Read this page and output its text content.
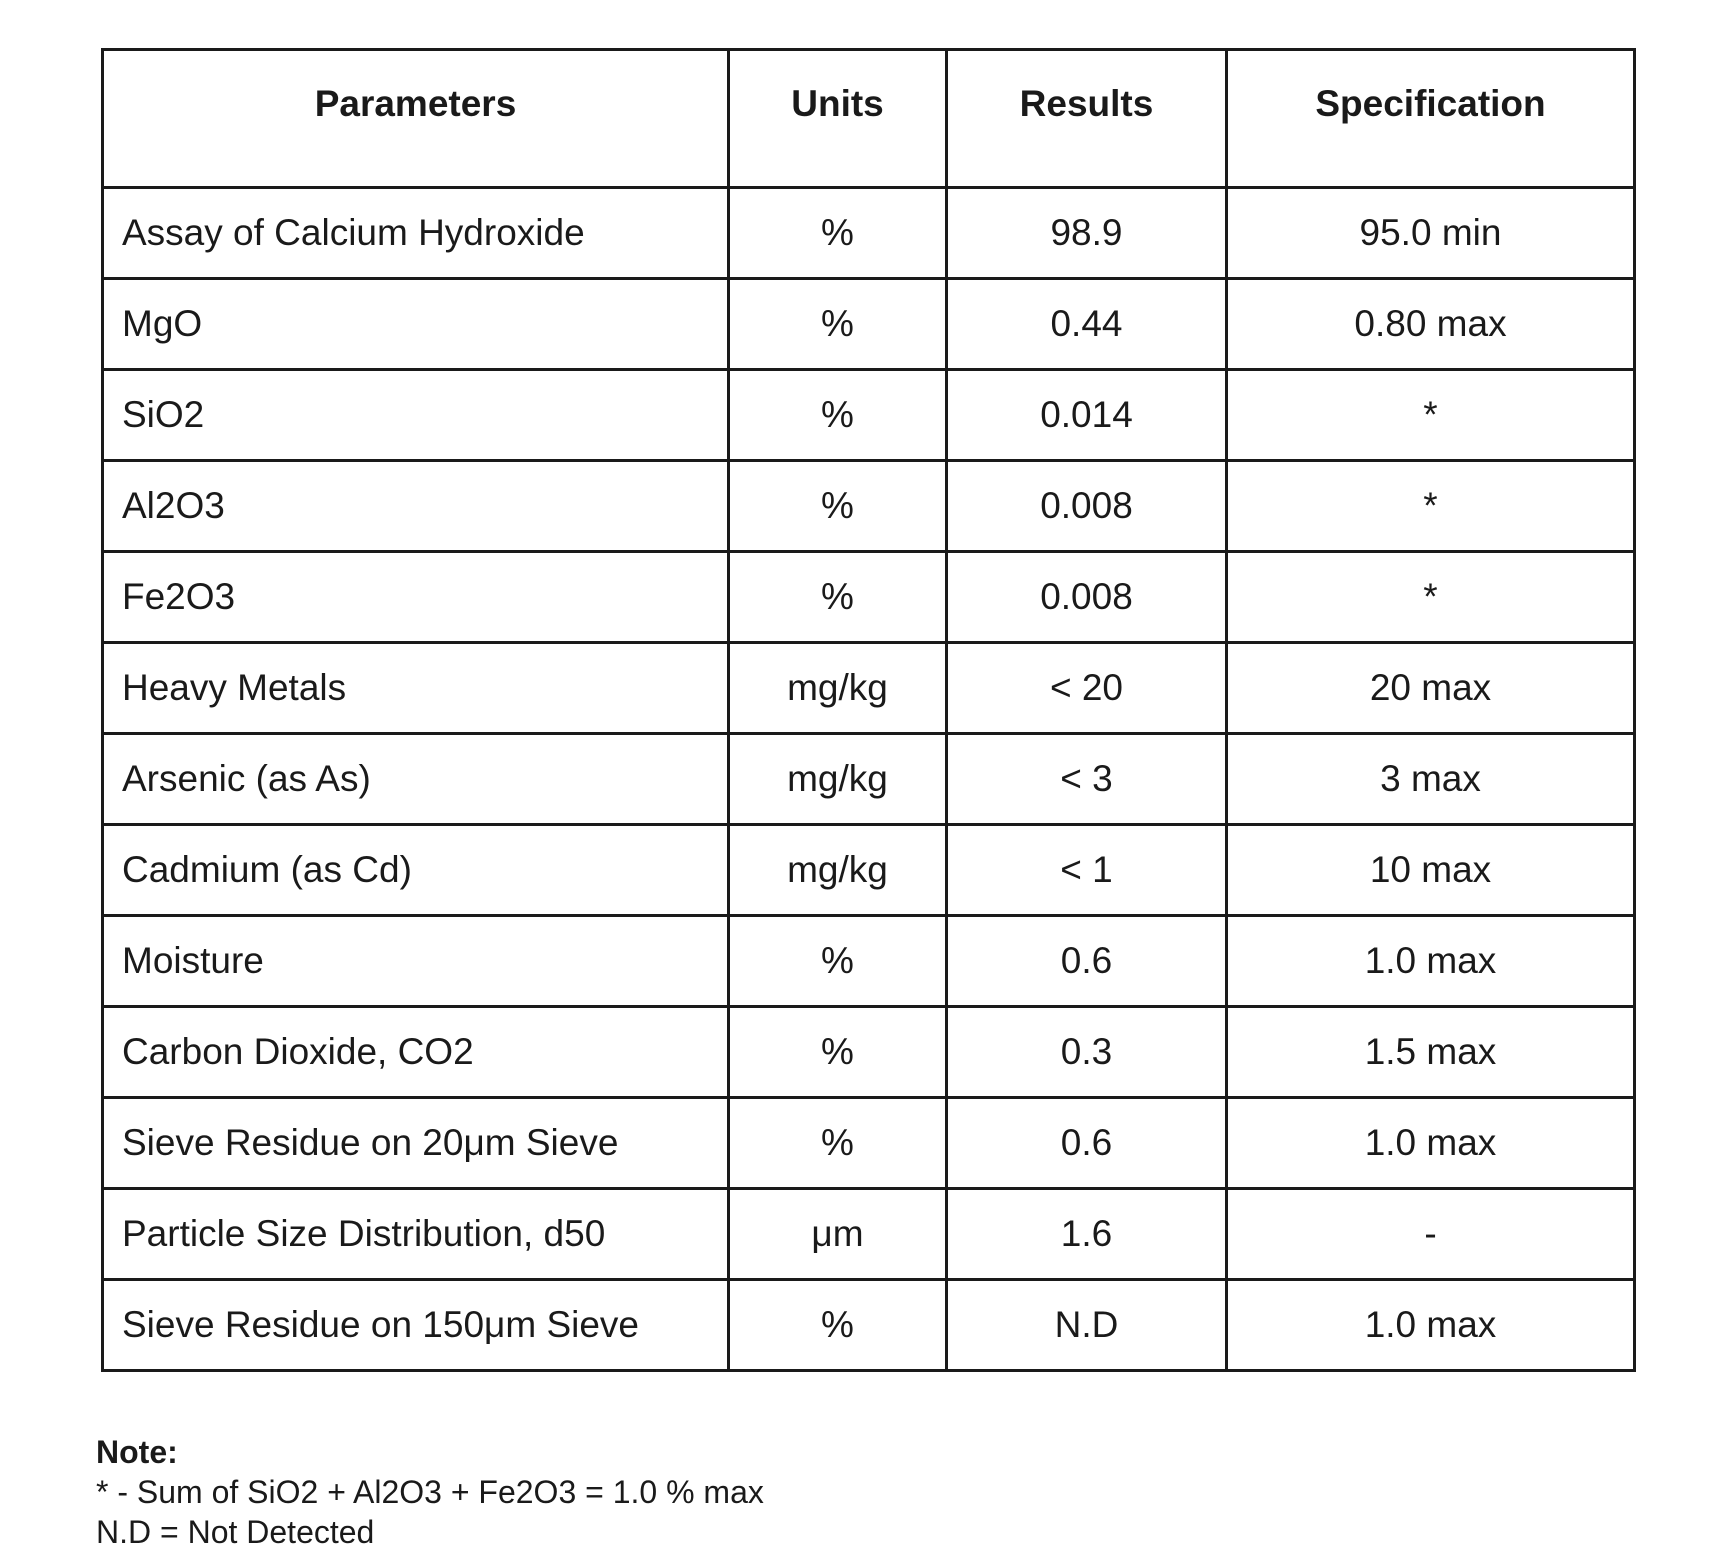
Parameters	Units	Results	Specification
Assay of Calcium Hydroxide	%	98.9	95.0 min
MgO	%	0.44	0.80 max
SiO2	%	0.014	*
Al2O3	%	0.008	*
Fe2O3	%	0.008	*
Heavy Metals	mg/kg	< 20	20 max
Arsenic (as As)	mg/kg	< 3	3 max
Cadmium (as Cd)	mg/kg	< 1	10 max
Moisture	%	0.6	1.0 max
Carbon Dioxide, CO2	%	0.3	1.5 max
Sieve Residue on 20μm Sieve	%	0.6	1.0 max
Particle Size Distribution, d50	μm	1.6	-
Sieve Residue on 150μm Sieve	%	N.D	1.0 max
Note:
* - Sum of SiO2 + Al2O3 + Fe2O3 = 1.0 % max
N.D = Not Detected
